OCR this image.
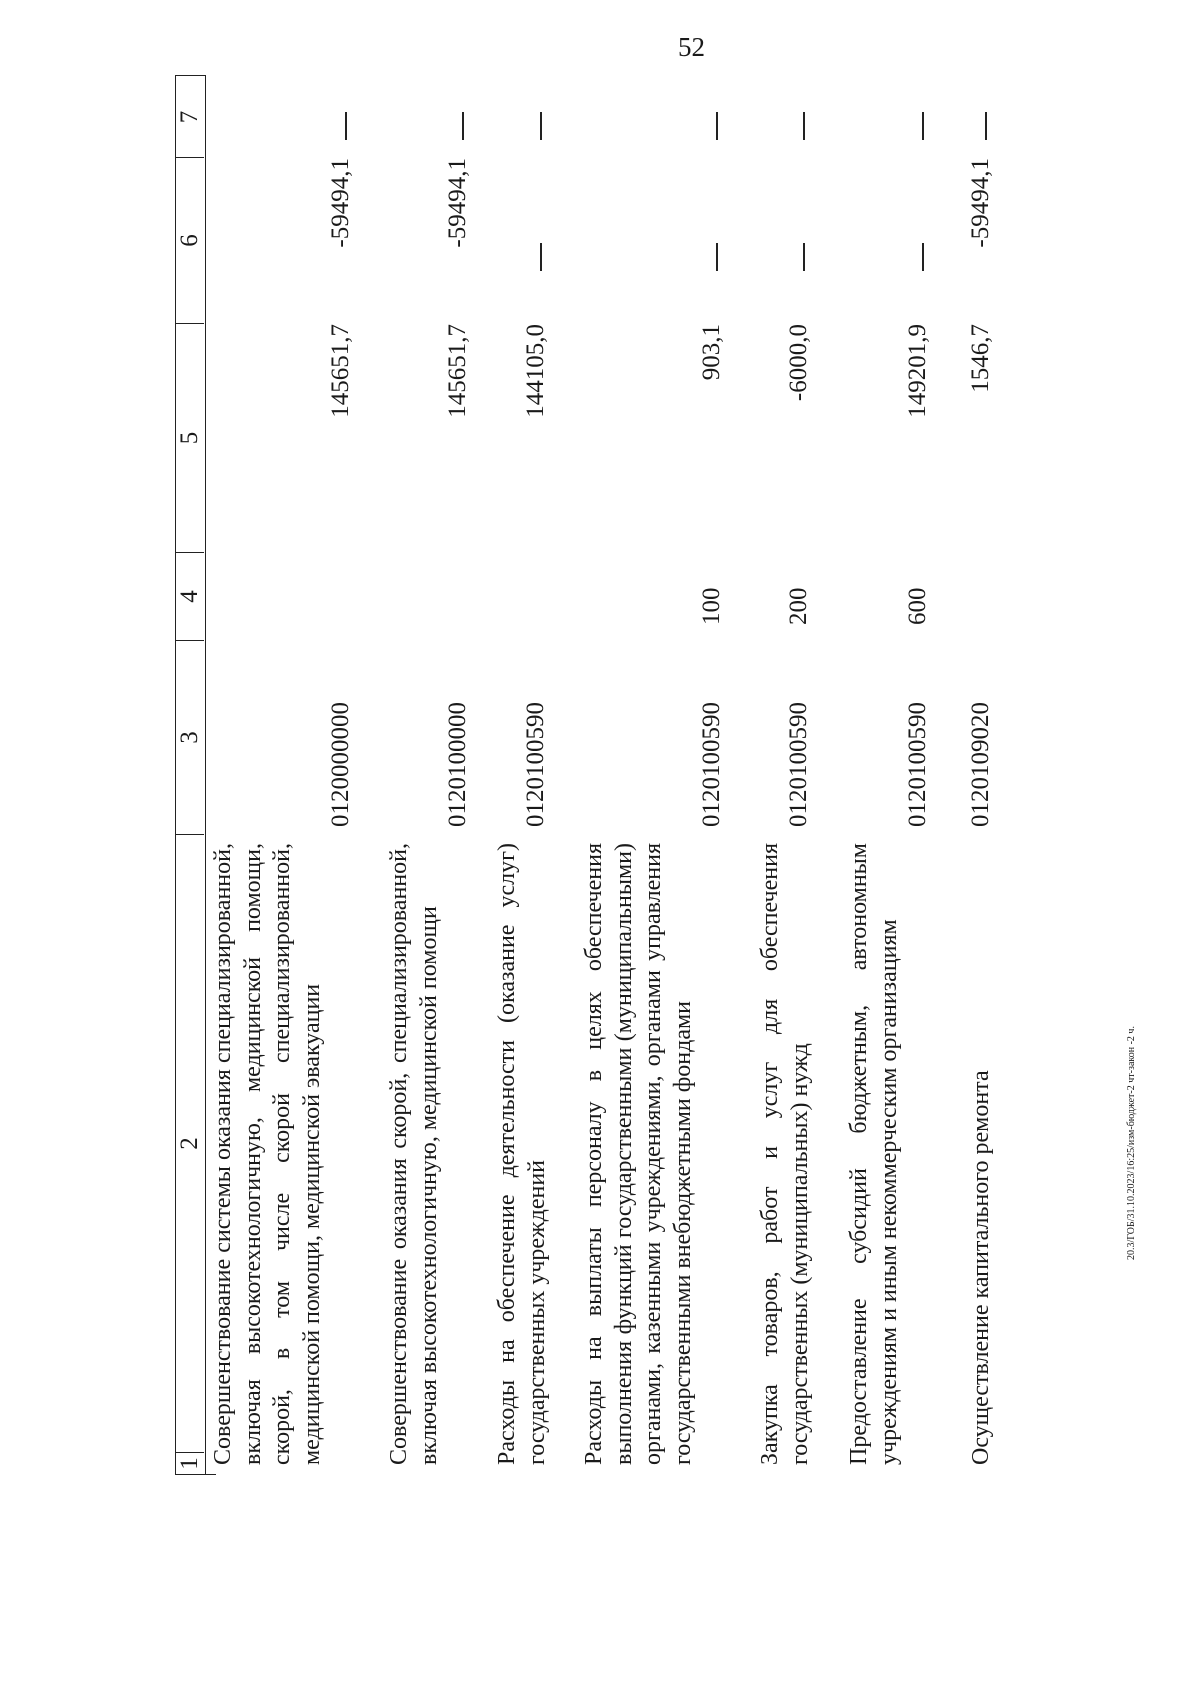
52
20.3/ГОБ/31.10.2023/16:25/изм-бюджет-2 чт-закон -2 ч.
1
2
3
4
5
6
7
Совершенствование системы оказания специализированной, включая высокотехнологичную, медицинской помощи, скорой, в том числе скорой специализированной, медицинской помощи, медицинской эвакуации
0120000000
145651,7
-59494,1
Совершенствование оказания скорой, специализированной, включая высокотехнологичную, медицинской помощи
0120100000
145651,7
-59494,1
Расходы на обеспечение деятельности (оказание услуг) государственных учреждений
0120100590
144105,0
Расходы на выплаты персоналу в целях обеспечения выполнения функций государственными (муниципальными) органами, казенными учреждениями, органами управления государственными внебюджетными фондами
0120100590
100
903,1
Закупка товаров, работ и услуг для обеспечения государственных (муниципальных) нужд
0120100590
200
-6000,0
Предоставление субсидий бюджетным, автономным учреждениям и иным некоммерческим организациям
0120100590
600
149201,9
Осуществление капитального ремонта
0120109020
1546,7
-59494,1
